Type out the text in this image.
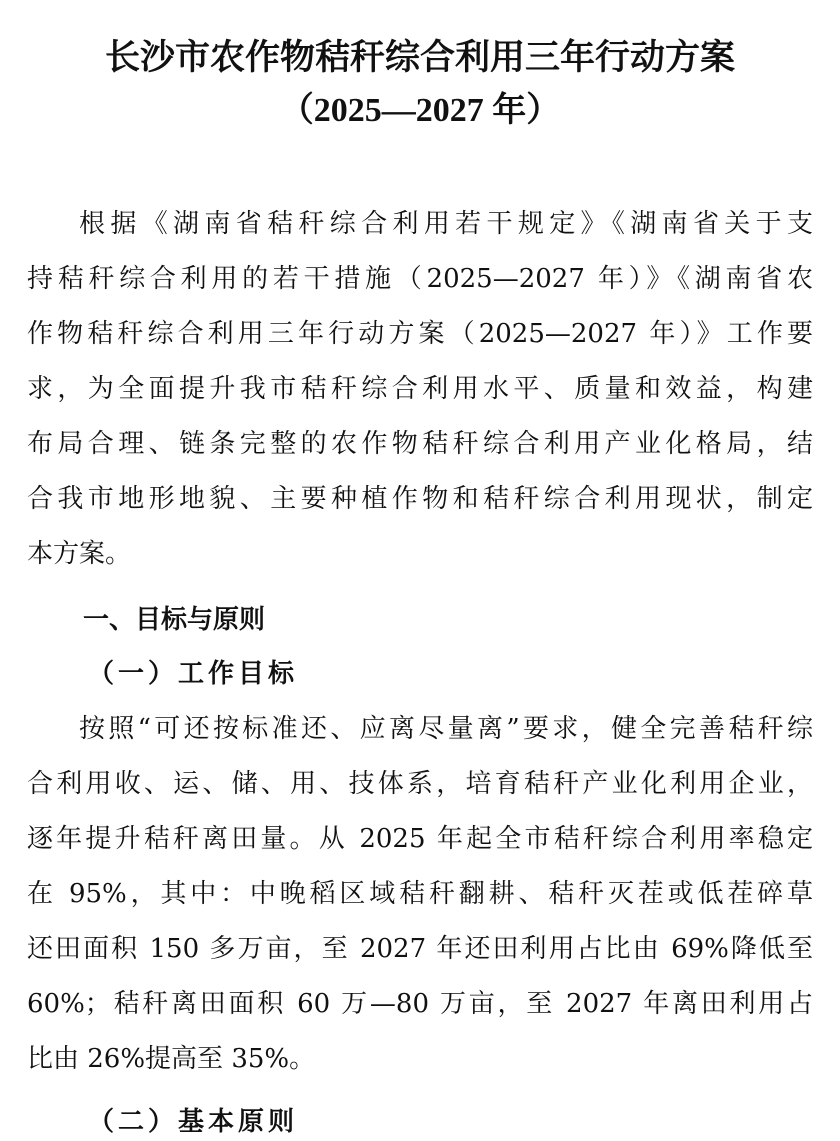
长沙市农作物秸秆综合利用三年行动方案
（2025—2027 年）

根据《湖南省秸秆综合利用若干规定》《湖南省关于支

持秸秆综合利用的若干措施（2025—2027 年）》《湖南省农

作物秸秆综合利用三年行动方案（2025—2027 年）》工作要

求，为全面提升我市秸秆综合利用水平、质量和效益，构建

布局合理、链条完整的农作物秸秆综合利用产业化格局，结

合我市地形地貌、主要种植作物和秸秆综合利用现状，制定

本方案。

一、目标与原则
（一）工作目标

按照“可还按标准还、应离尽量离”要求，健全完善秸秆综

合利用收、运、储、用、技体系，培育秸秆产业化利用企业，

逐年提升秸秆离田量。从 2025 年起全市秸秆综合利用率稳定

在 95%，其中：中晚稻区域秸秆翻耕、秸秆灭茬或低茬碎草

还田面积 150 多万亩，至 2027 年还田利用占比由 69%降低至

60%；秸秆离田面积 60 万—80 万亩，至 2027 年离田利用占

比由 26%提高至 35%。

（二）基本原则
